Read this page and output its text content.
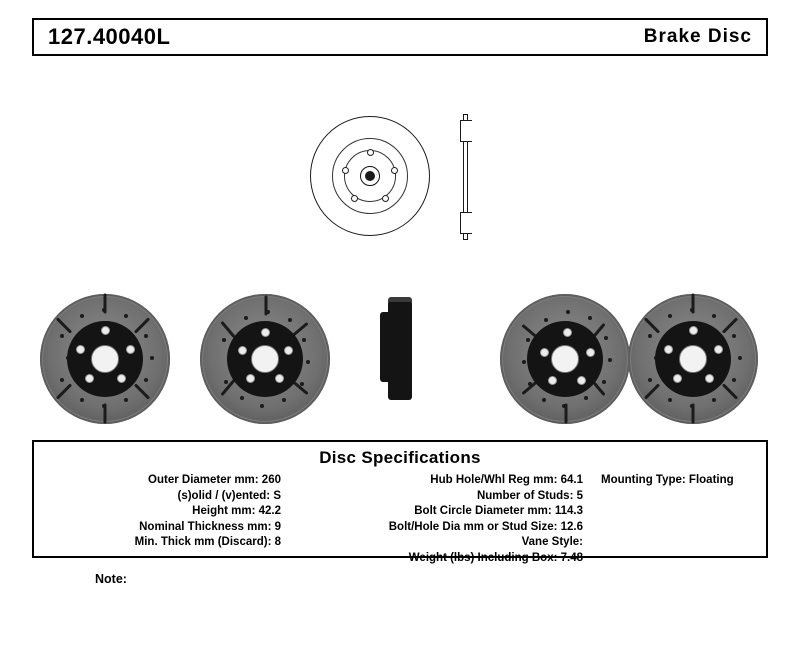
127.40040L	Brake Disc
Disc Specifications
Outer Diameter mm: 260
(s)olid / (v)ented: S
Height mm: 42.2
Nominal Thickness mm: 9
Min. Thick mm (Discard): 8
Hub Hole/Whl Reg mm: 64.1
Number of Studs: 5
Bolt Circle Diameter mm: 114.3
Bolt/Hole Dia mm or Stud Size: 12.6
Vane Style:
Weight (lbs) Including Box: 7.48
Mounting Type: Floating
Note:
